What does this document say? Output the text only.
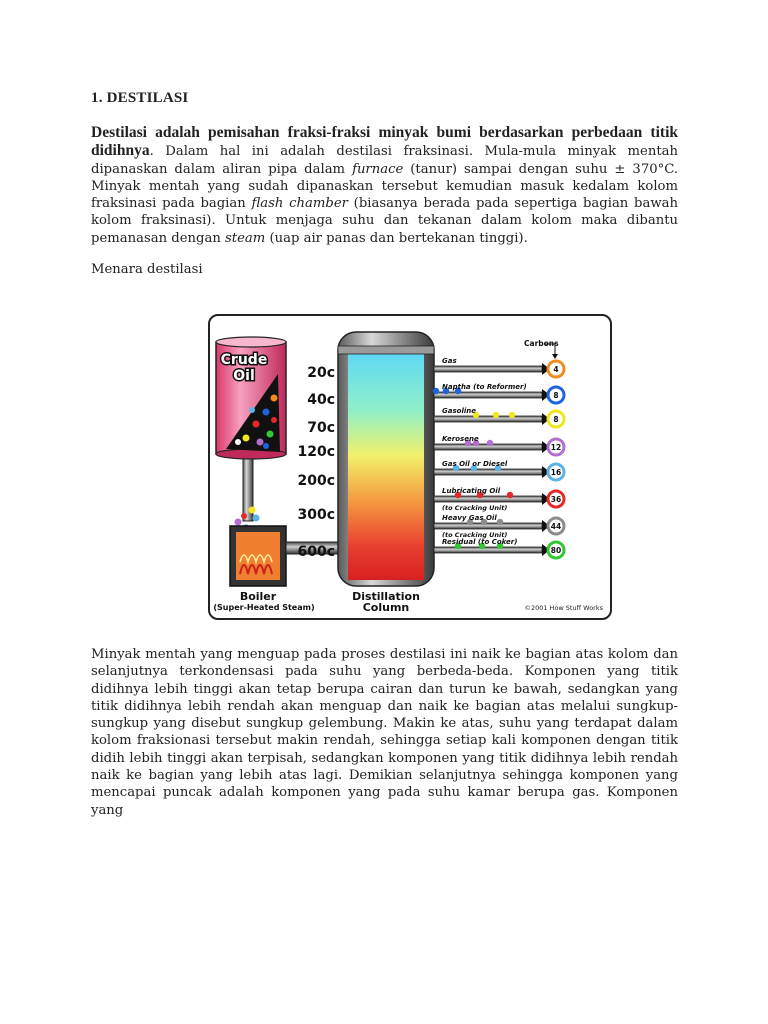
1. DESTILASI

Destilasi adalah pemisahan fraksi-fraksi minyak bumi berdasarkan perbedaan titik didihnya. Dalam hal ini adalah destilasi fraksinasi. Mula-mula minyak mentah dipanaskan dalam aliran pipa dalam furnace (tanur) sampai dengan suhu ± 370°C. Minyak mentah yang sudah dipanaskan tersebut kemudian masuk kedalam kolom fraksinasi pada bagian flash chamber (biasanya berada pada sepertiga bagian bawah kolom fraksinasi). Untuk menjaga suhu dan tekanan dalam kolom maka dibantu pemanasan dengan steam (uap air panas dan bertekanan tinggi).

Menara destilasi

Crude
Oil
Boiler
(Super-Heated Steam)
Distillation
Column
20c
40c
70c
120c
200c
300c
600c
Carbons
Gas
4
Naptha (to Reformer)
8
Gasoline
8
Kerosene
12
Gas Oil or Diesel
16
Lubricating Oil
(to Cracking Unit)
36
Heavy Gas Oil
(to Cracking Unit)
44
Residual (to Coker)
80
©2001 How Stuff Works

Minyak mentah yang menguap pada proses destilasi ini naik ke bagian atas kolom dan selanjutnya terkondensasi pada suhu yang berbeda-beda. Komponen yang titik didihnya lebih tinggi akan tetap berupa cairan dan turun ke bawah, sedangkan yang titik didihnya lebih rendah akan menguap dan naik ke bagian atas melalui sungkup-sungkup yang disebut sungkup gelembung. Makin ke atas, suhu yang terdapat dalam kolom fraksionasi tersebut makin rendah, sehingga setiap kali komponen dengan titik didih lebih tinggi akan terpisah, sedangkan komponen yang titik didihnya lebih rendah naik ke bagian yang lebih atas lagi. Demikian selanjutnya sehingga komponen yang mencapai puncak adalah komponen yang pada suhu kamar berupa gas. Komponen yang
